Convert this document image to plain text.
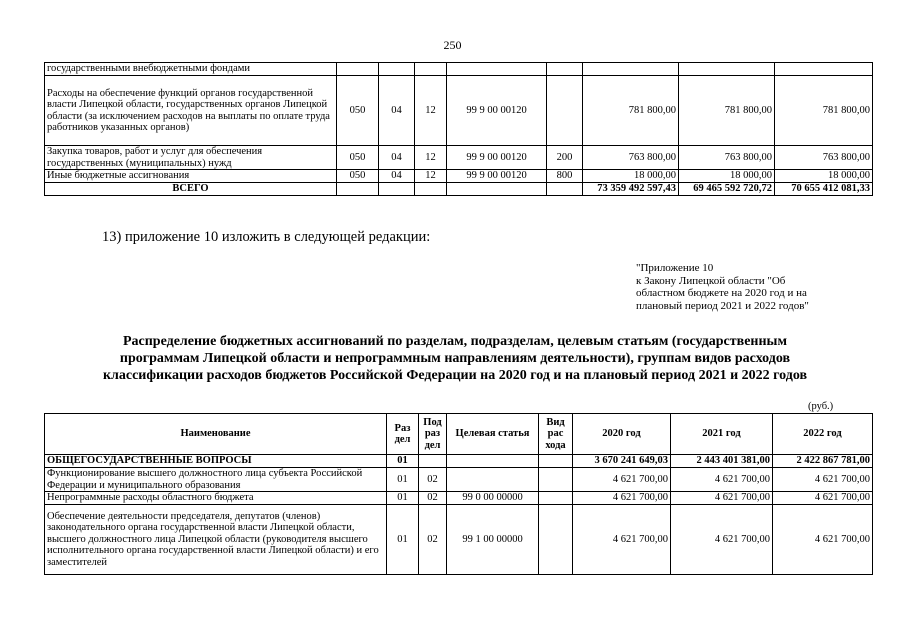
250
государственными внебюджетными фондами								
Расходы на обеспечение функций органов государственной власти Липецкой области, государственных органов Липецкой области (за исключением расходов на выплаты по оплате труда работников указанных органов)	050	04	12	99 9 00 00120		781 800,00	781 800,00	781 800,00
Закупка товаров, работ и услуг для обеспечения государственных (муниципальных) нужд	050	04	12	99 9 00 00120	200	763 800,00	763 800,00	763 800,00
Иные бюджетные ассигнования	050	04	12	99 9 00 00120	800	18 000,00	18 000,00	18 000,00
ВСЕГО						73 359 492 597,43	69 465 592 720,72	70 655 412 081,33
13) приложение 10 изложить в следующей редакции:
"Приложение 10
к Закону Липецкой области "Об
областном бюджете на 2020 год и на
плановый период 2021 и 2022 годов"
Распределение бюджетных ассигнований по разделам, подразделам, целевым статьям (государственным
программам Липецкой области и непрограммным направлениям деятельности), группам видов расходов
классификации расходов бюджетов Российской Федерации на 2020 год и на плановый период 2021 и 2022 годов
(руб.)
Наименование	Раз дел	Под раз дел	Целевая статья	Вид рас хода	2020 год	2021 год	2022 год
ОБЩЕГОСУДАРСТВЕННЫЕ ВОПРОСЫ	01				3 670 241 649,03	2 443 401 381,00	2 422 867 781,00
Функционирование высшего должностного лица субъекта Российской Федерации и муниципального образования	01	02			4 621 700,00	4 621 700,00	4 621 700,00
Непрограммные расходы областного бюджета	01	02	99 0 00 00000		4 621 700,00	4 621 700,00	4 621 700,00
Обеспечение деятельности председателя, депутатов (членов) законодательного органа государственной власти Липецкой области, высшего должностного лица Липецкой области (руководителя высшего исполнительного органа государственной власти Липецкой области) и его заместителей	01	02	99 1 00 00000		4 621 700,00	4 621 700,00	4 621 700,00
